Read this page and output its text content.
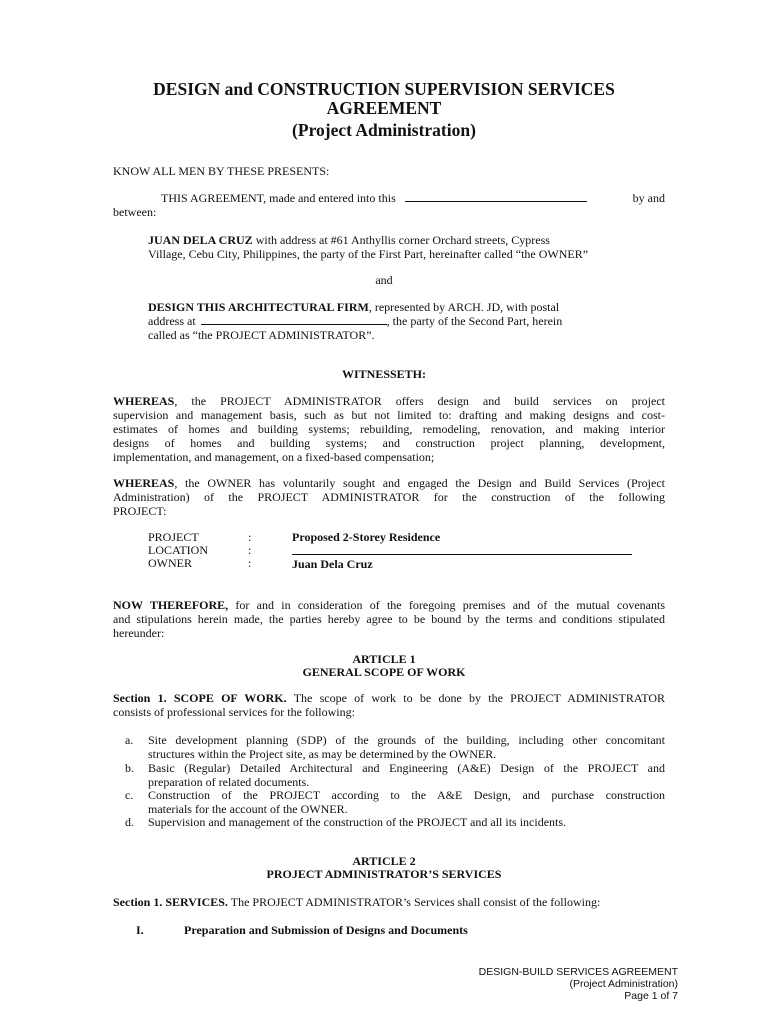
DESIGN and CONSTRUCTION SUPERVISION SERVICES
AGREEMENT
(Project Administration)
KNOW ALL MEN BY THESE PRESENTS:
THIS AGREEMENT, made and entered into this	by and
between:
JUAN DELA CRUZ with address at #61 Anthyllis corner Orchard streets, Cypress
Village, Cebu City, Philippines, the party of the First Part, hereinafter called “the OWNER”
and
DESIGN THIS ARCHITECTURAL FIRM, represented by ARCH. JD, with postal
address at	, the party of the Second Part, herein
called as “the PROJECT ADMINISTRATOR”.
WITNESSETH:
WHEREAS, the PROJECT ADMINISTRATOR offers design and build services on project
supervision and management basis, such as but not limited to: drafting and making designs and cost-
estimates of homes and building systems; rebuilding, remodeling, renovation, and making interior
designs of homes and building systems; and construction project planning, development,
implementation, and management, on a fixed-based compensation;
WHEREAS, the OWNER has voluntarily sought and engaged the Design and Build Services (Project
Administration) of the PROJECT ADMINISTRATOR for the construction of the following
PROJECT:
PROJECT	:	Proposed 2-Storey Residence
LOCATION	:
OWNER	:	Juan Dela Cruz
NOW THEREFORE, for and in consideration of the foregoing premises and of the mutual covenants
and stipulations herein made, the parties hereby agree to be bound by the terms and conditions stipulated
hereunder:
ARTICLE 1
GENERAL SCOPE OF WORK
Section 1. SCOPE OF WORK. The scope of work to be done by the PROJECT ADMINISTRATOR
consists of professional services for the following:
a.	Site development planning (SDP) of the grounds of the building, including other concomitant
structures within the Project site, as may be determined by the OWNER.
b.	Basic (Regular) Detailed Architectural and Engineering (A&E) Design of the PROJECT and
preparation of related documents.
c.	Construction of the PROJECT according to the A&E Design, and purchase construction
materials for the account of the OWNER.
d.	Supervision and management of the construction of the PROJECT and all its incidents.
ARTICLE 2
PROJECT ADMINISTRATOR’S SERVICES
Section 1. SERVICES. The PROJECT ADMINISTRATOR’s Services shall consist of the following:
I.	Preparation and Submission of Designs and Documents
DESIGN-BUILD SERVICES AGREEMENT
(Project Administration)
Page 1 of 7
